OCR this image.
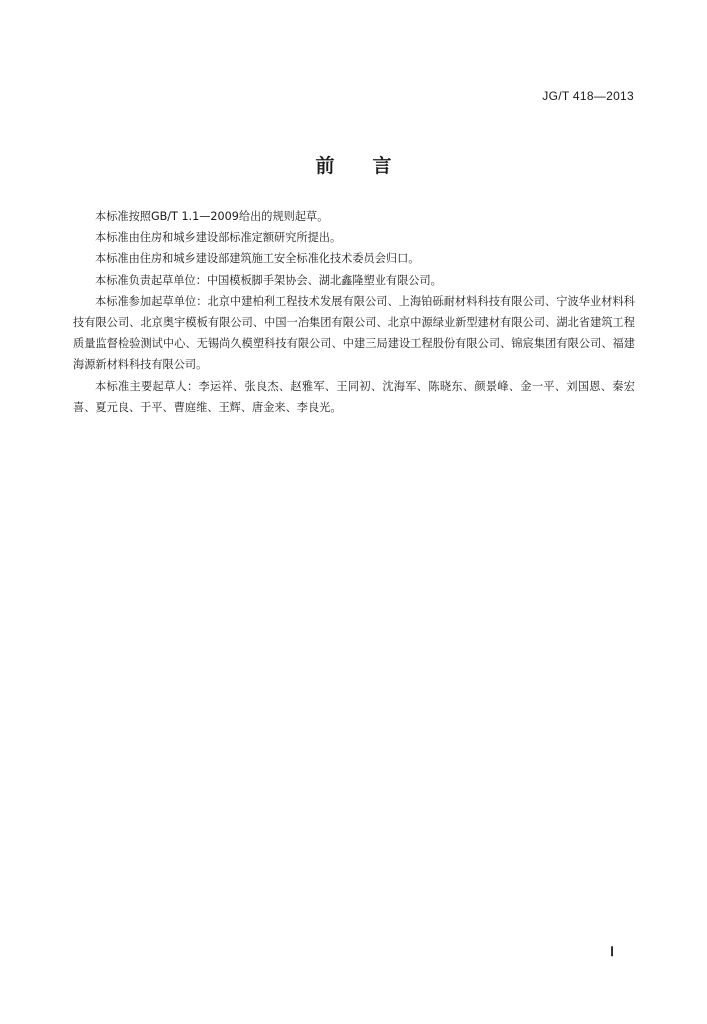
JG/T 418—2013
前言

本标准按照GB/T 1.1—2009给出的规则起草。

本标准由住房和城乡建设部标准定额研究所提出。

本标准由住房和城乡建设部建筑施工安全标准化技术委员会归口。

本标准负责起草单位：中国模板脚手架协会、湖北鑫隆塑业有限公司。

本标准参加起草单位：北京中建柏利工程技术发展有限公司、上海铂砾耐材料科技有限公司、宁波华业材料科技有限公司、北京奥宇模板有限公司、中国一冶集团有限公司、北京中源绿业新型建材有限公司、湖北省建筑工程质量监督检验测试中心、无锡尚久模塑科技有限公司、中建三局建设工程股份有限公司、锦宸集团有限公司、福建海源新材料科技有限公司。

本标准主要起草人：李运祥、张良杰、赵雅军、王同初、沈海军、陈晓东、颜景峰、金一平、刘国恩、秦宏喜、夏元良、于平、曹庭维、王辉、唐金来、李良光。

Ⅰ
